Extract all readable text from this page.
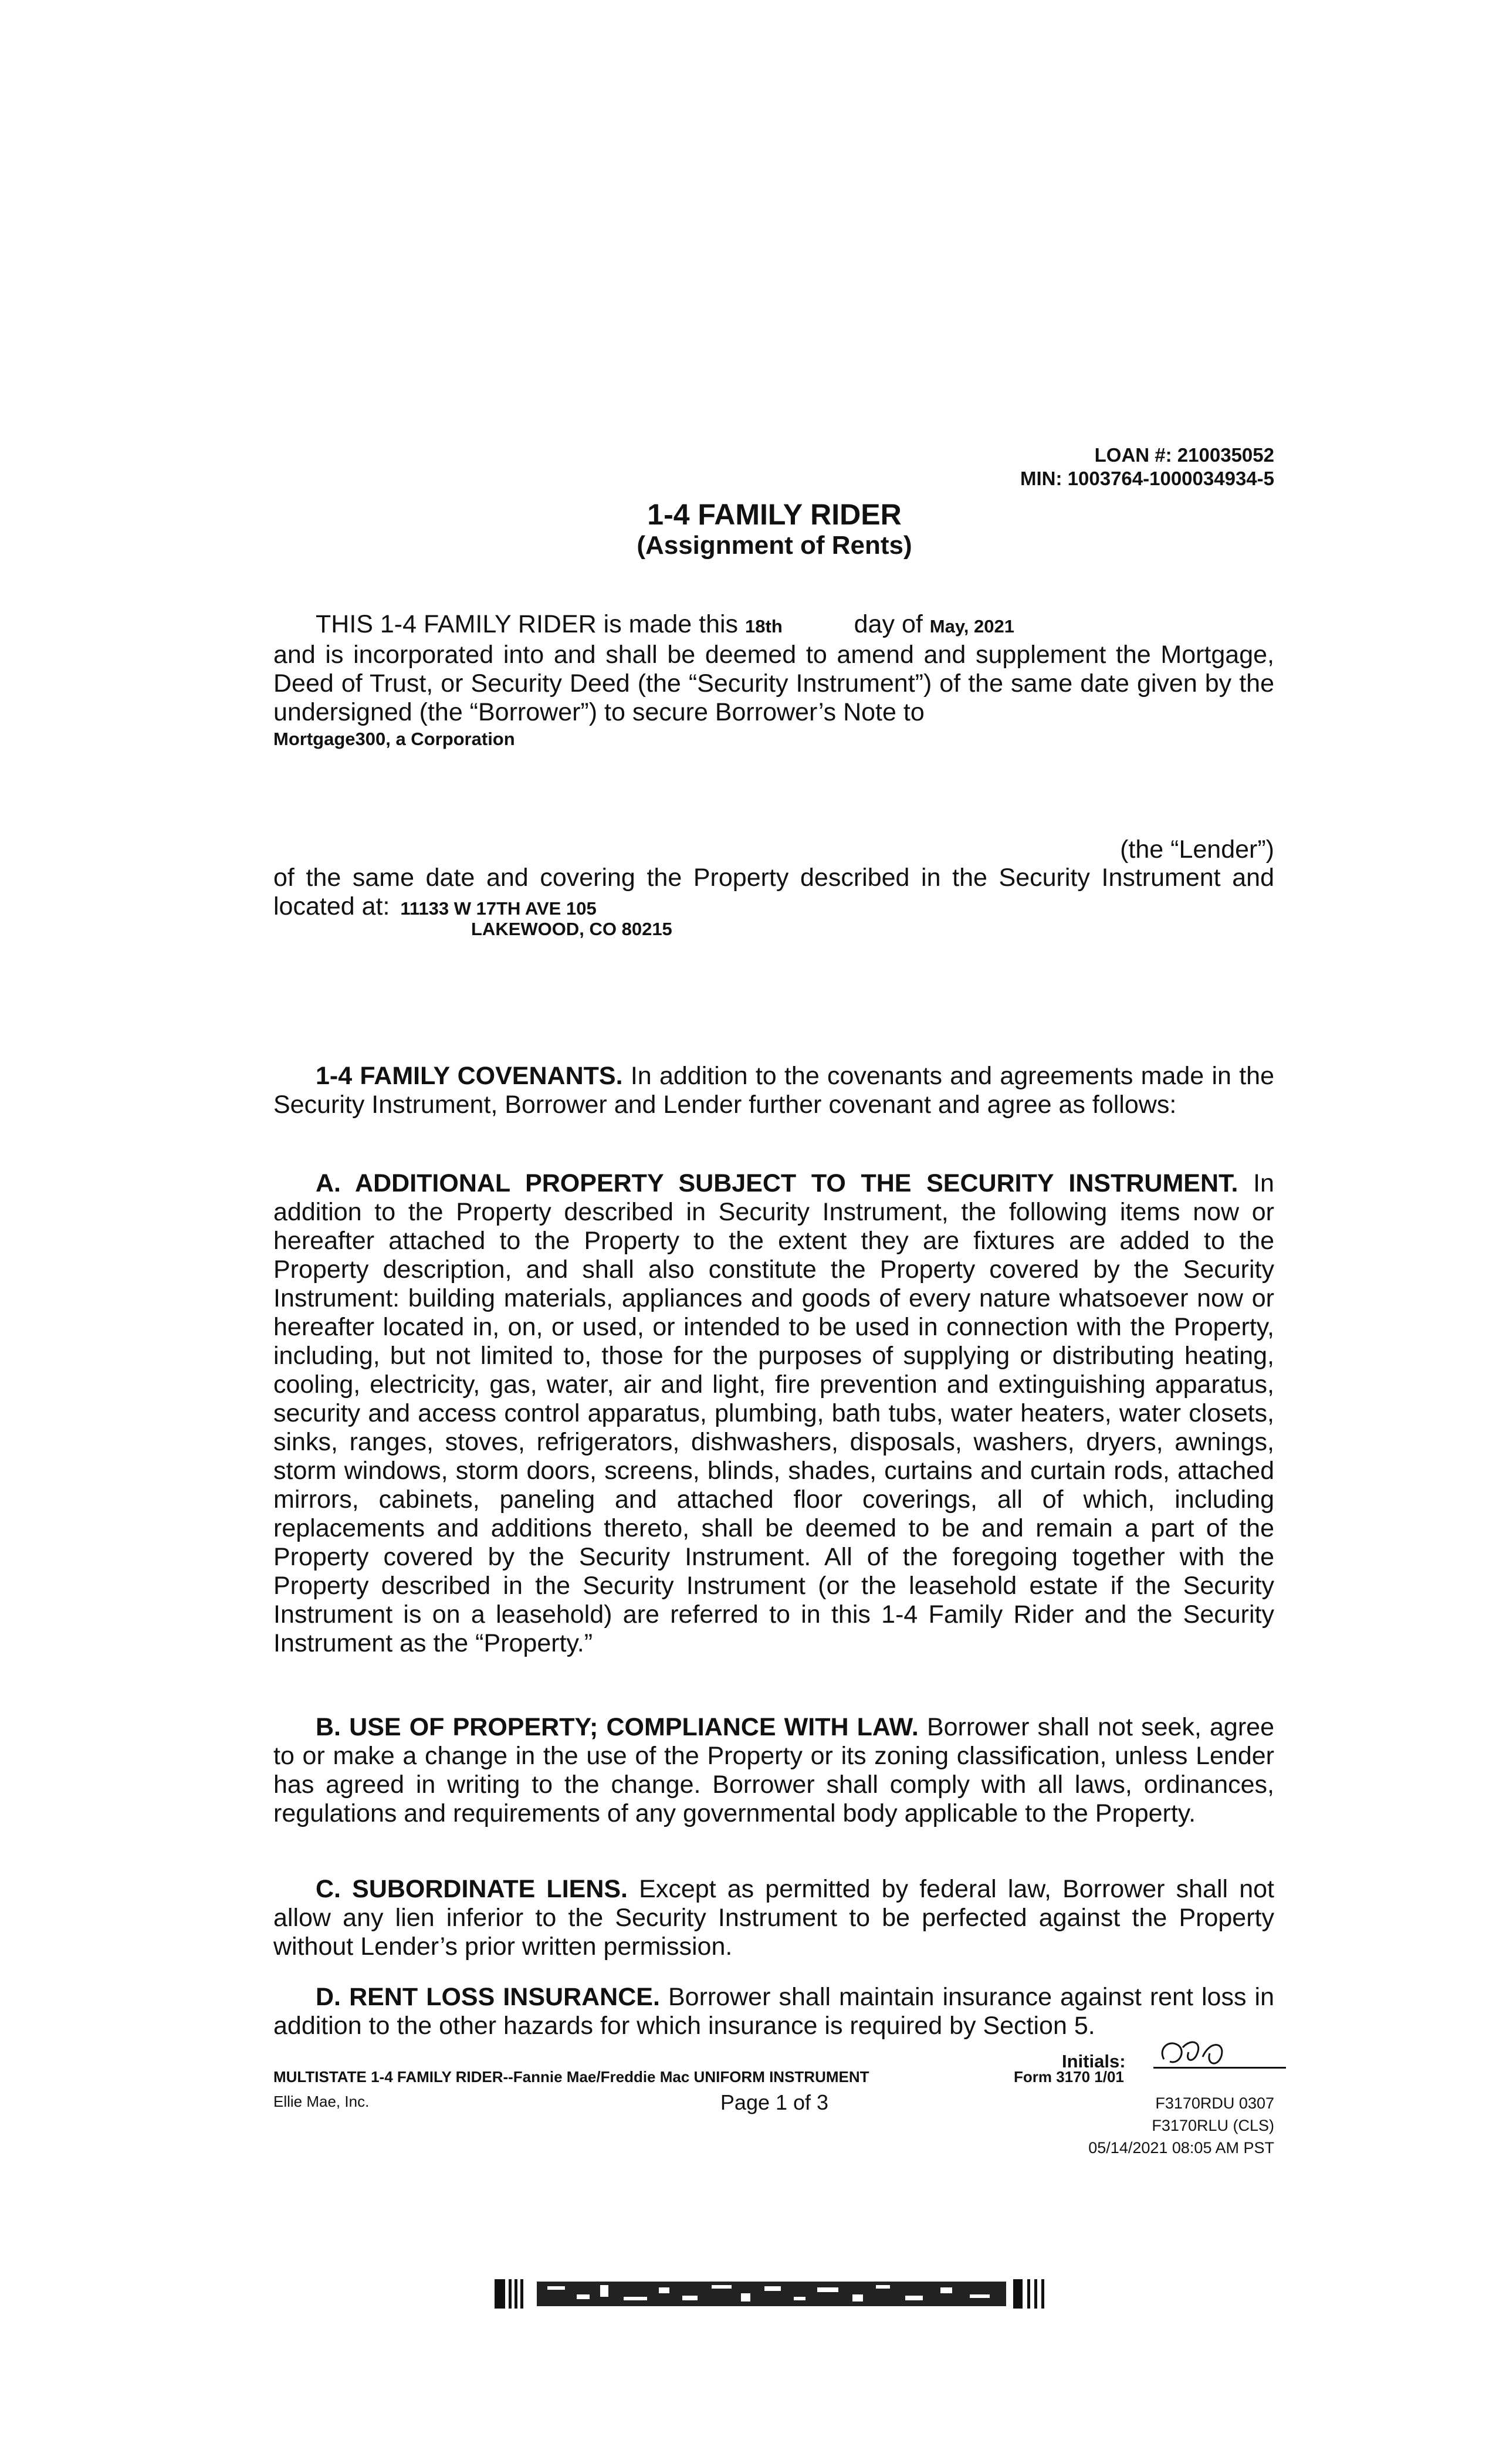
LOAN #: 210035052
MIN: 1003764-1000034934-5
1-4 FAMILY RIDER
(Assignment of Rents)
THIS 1-4 FAMILY RIDER is made this 18th	day of May, 2021
and is incorporated into and shall be deemed to amend and supplement the Mortgage, Deed of Trust, or Security Deed (the “Security Instrument”) of the same date given by the undersigned (the “Borrower”) to secure Borrower’s Note to
Mortgage300, a Corporation
(the “Lender”)
of the same date and covering the Property described in the Security Instrument and located at: 11133 W 17TH AVE 105
LAKEWOOD, CO 80215
1-4 FAMILY COVENANTS. In addition to the covenants and agreements made in the Security Instrument, Borrower and Lender further covenant and agree as follows:
A. ADDITIONAL PROPERTY SUBJECT TO THE SECURITY INSTRUMENT. In addition to the Property described in Security Instrument, the following items now or hereafter attached to the Property to the extent they are fixtures are added to the Property description, and shall also constitute the Property covered by the Security Instrument: building materials, appliances and goods of every nature whatsoever now or hereafter located in, on, or used, or intended to be used in connection with the Property, including, but not limited to, those for the purposes of supplying or distributing heating, cooling, electricity, gas, water, air and light, fire prevention and extinguishing apparatus, security and access control apparatus, plumbing, bath tubs, water heaters, water closets, sinks, ranges, stoves, refrigerators, dishwashers, disposals, washers, dryers, awnings, storm windows, storm doors, screens, blinds, shades, curtains and curtain rods, attached mirrors, cabinets, paneling and attached floor coverings, all of which, including replacements and additions thereto, shall be deemed to be and remain a part of the Property covered by the Security Instrument. All of the foregoing together with the Property described in the Security Instrument (or the leasehold estate if the Security Instrument is on a leasehold) are referred to in this 1-4 Family Rider and the Security Instrument as the “Property.”
B. USE OF PROPERTY; COMPLIANCE WITH LAW. Borrower shall not seek, agree to or make a change in the use of the Property or its zoning classification, unless Lender has agreed in writing to the change. Borrower shall comply with all laws, ordinances, regulations and requirements of any governmental body applicable to the Property.
C. SUBORDINATE LIENS. Except as permitted by federal law, Borrower shall not allow any lien inferior to the Security Instrument to be perfected against the Property without Lender’s prior written permission.
D. RENT LOSS INSURANCE. Borrower shall maintain insurance against rent loss in addition to the other hazards for which insurance is required by Section 5.
Initials:
MULTISTATE 1-4 FAMILY RIDER--Fannie Mae/Freddie Mac UNIFORM INSTRUMENT	Form 3170 1/01
Ellie Mae, Inc.	Page 1 of 3	F3170RDU 0307
F3170RLU (CLS)
05/14/2021 08:05 AM PST
